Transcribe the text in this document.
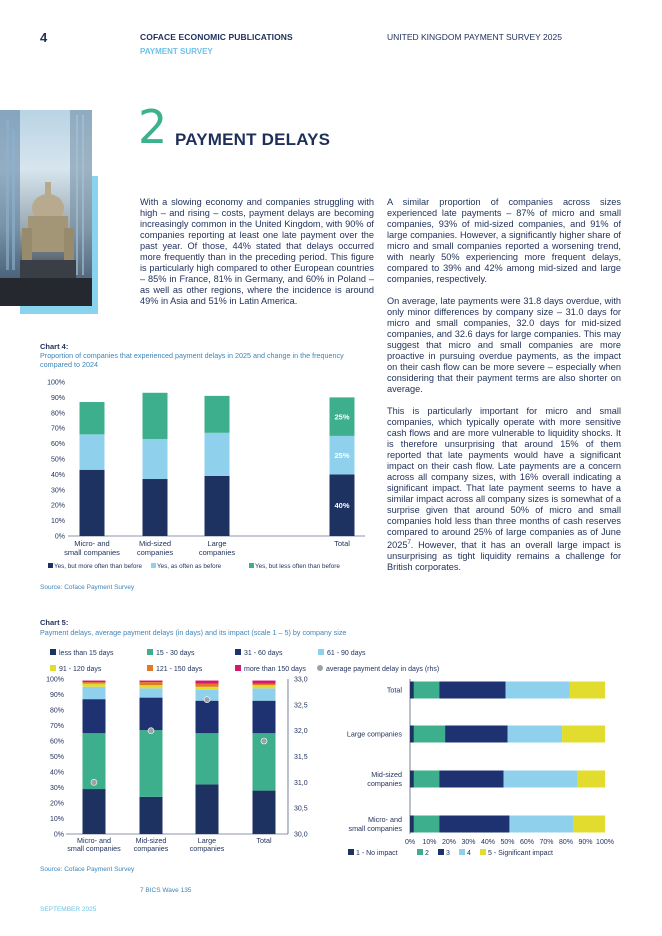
4	COFACE ECONOMIC PUBLICATIONS
PAYMENT SURVEY
UNITED KINGDOM PAYMENT SURVEY 2025
2 PAYMENT DELAYS

With a slowing economy and companies struggling with high – and rising – costs, payment delays are becoming increasingly common in the United Kingdom, with 90% of companies reporting at least one late payment over the past year. Of those, 44% stated that delays occurred more frequently than in the preceding period. This figure is particularly high compared to other European countries – 85% in France, 81% in Germany, and 60% in Poland – as well as other regions, where the incidence is around 49% in Asia and 51% in Latin America.

A similar proportion of companies across sizes experienced late payments – 87% of micro and small companies, 93% of mid-sized companies, and 91% of large companies. However, a significantly higher share of micro and small companies reported a worsening trend, with nearly 50% experiencing more frequent delays, compared to 39% and 42% among mid-sized and large companies, respectively.

On average, late payments were 31.8 days overdue, with only minor differences by company size – 31.0 days for micro and small companies, 32.0 days for mid-sized companies, and 32.6 days for large companies. This may suggest that micro and small companies are more proactive in pursuing overdue payments, as the impact on their cash flow can be more severe – especially when considering that their payment terms are also shorter on average.

This is particularly important for micro and small companies, which typically operate with more sensitive cash flows and are more vulnerable to liquidity shocks. It is therefore unsurprising that around 15% of them reported that late payments would have a significant impact on their cash flow. Late payments are a concern across all company sizes, with 16% overall indicating a significant impact. That late payment seems to have a similar impact across all company sizes is somewhat of a surprise given that around 50% of micro and small companies hold less than three months of cash reserves compared to around 25% of large companies as of June 2025$^7$. However, that it has an overall large impact is unsurprising as tight liquidity remains a challenge for British corporates.

Chart 4:
Proportion of companies that experienced payment delays in 2025 and change in the frequency compared to 2024
0%
10%
20%
30%
40%
50%
60%
70%
80%
90%
100%
Micro- and
small companies
Mid-sized
companies
Large
companies
40%
25%
25%
Total
Yes, but more often than before Yes, as often as before	Yes, but less often than before
Source: Coface Payment Survey
Chart 5:
Payment delays, average payment delays (in days) and its impact (scale 1 – 5) by company size
less than 15 days	15 - 30 days	31 - 60 days	61 - 90 days
91 - 120 days	121 - 150 days	more than 150 days	average payment delay in days (rhs)
0%
10%
20%
30%
40%
50%
60%
70%
80%
90%
100%
30,0
30,5
31,0
31,5
32,0
32,5
33,0
Micro- and
small companies
Mid-sized
companies
Large
companies
Total
Total
Large companies
Mid-sized
companies
Micro- and
small companies
0% 10% 20% 30% 40% 50% 60% 70% 80% 90% 100%
1 - No impact	2 3 4 5 - Significant impact
Source: Coface Payment Survey
7 BICS Wave 135
SEPTEMBER 2025
